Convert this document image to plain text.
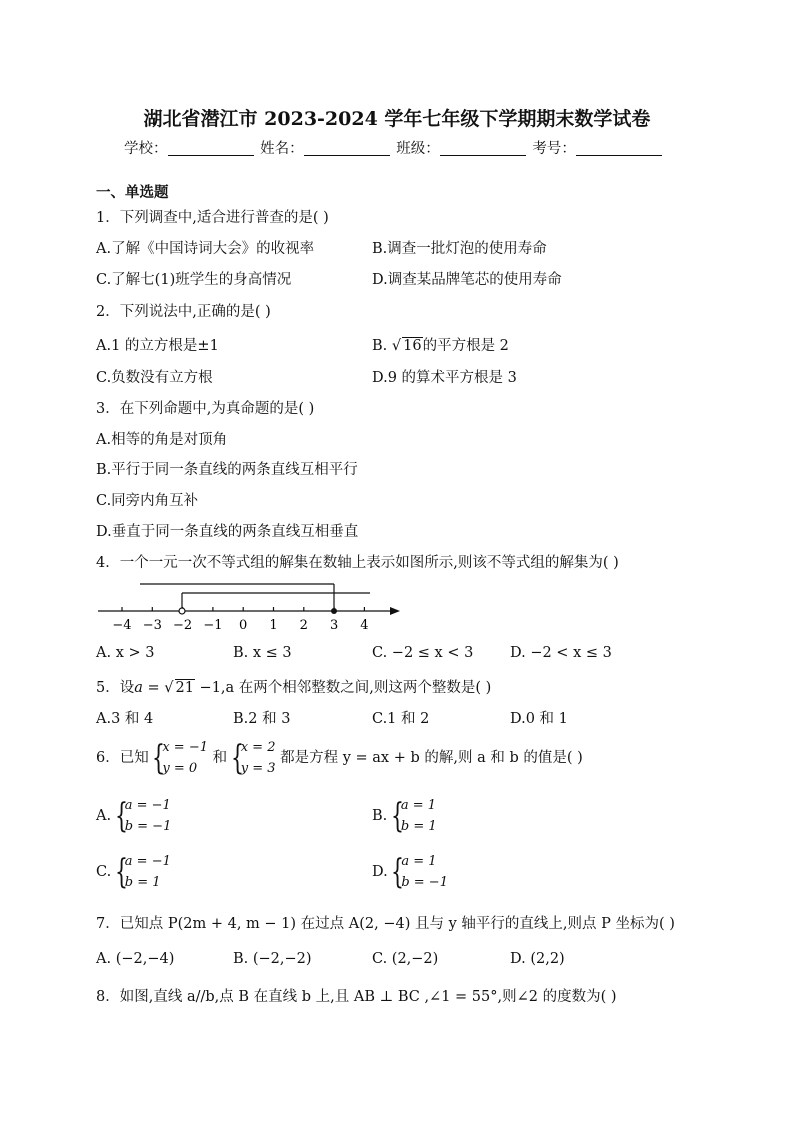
湖北省潜江市 2023-2024 学年七年级下学期期末数学试卷
学校：	姓名：	班级：	考号：
一、单选题
1．下列调查中,适合进行普查的是( )
A.了解《中国诗词大会》的收视率	B.调查一批灯泡的使用寿命
C.了解七(1)班学生的身高情况	D.调查某品牌笔芯的使用寿命
2．下列说法中,正确的是( )
A.1 的立方根是±1	B. √ 16的平方根是 2
C.负数没有立方根	D.9 的算术平方根是 3
3．在下列命题中,为真命题的是( )
A.相等的角是对顶角
B.平行于同一条直线的两条直线互相平行
C.同旁内角互补
D.垂直于同一条直线的两条直线互相垂直
4．一个一元一次不等式组的解集在数轴上表示如图所示,则该不等式组的解集为( )
−4 −3 −2 −1 0 1 2 3 4
A. x > 3	B. x ≤ 3	C. −2 ≤ x < 3	D. −2 < x ≤ 3
5．设a = √ 21 −1,a 在两个相邻整数之间,则这两个整数是( )
A.3 和 4	B.2 和 3	C.1 和 2	D.0 和 1
6．已知 {
x = −1
y = 0
和 {
x = 2
y = 3
都是方程 y = ax + b 的解,则 a 和 b 的值是( )
A. {
a = −1
b = −1
B. {
a = 1
b = 1
C. {
a = −1
b = 1
D. {
a = 1
b = −1
7．已知点 P(2m + 4, m − 1) 在过点 A(2, −4) 且与 y 轴平行的直线上,则点 P 坐标为( )
A. (−2,−4)	B. (−2,−2)	C. (2,−2)	D. (2,2)
8．如图,直线 a//b,点 B 在直线 b 上,且 AB ⊥ BC ,∠1 = 55°,则∠2 的度数为( )
